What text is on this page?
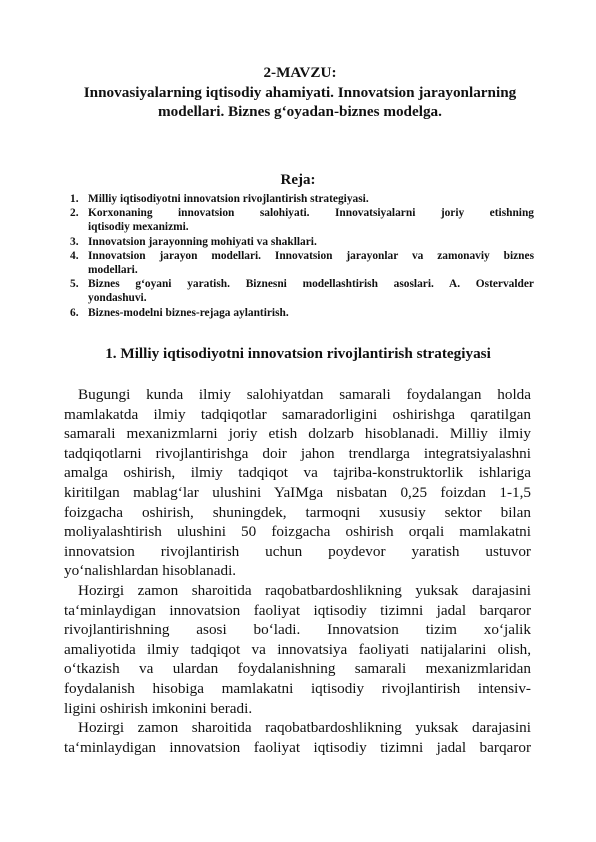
2-MAVZU:
Innovasiyalarning iqtisodiy ahamiyati. Innovatsion jarayonlarning
modellari. Biznes g‘oyadan-biznes modelga.
Reja:
1. Milliy iqtisodiyotni innovatsion rivojlantirish strategiyasi.
2. Korxonaning innovatsion salohiyati. Innovatsiyalarni joriy etishning
iqtisodiy mexanizmi.
3. Innovatsion jarayonning mohiyati va shakllari.
4. Innovatsion jarayon modellari. Innovatsion jarayonlar va zamonaviy biznes
modellari.
5. Biznes g‘oyani yaratish. Biznesni modellashtirish asoslari. A. Ostervalder
yondashuvi.
6. Biznes-modelni biznes-rejaga aylantirish.
1. Milliy iqtisodiyotni innovatsion rivojlantirish strategiyasi
Bugungi kunda ilmiy salohiyatdan samarali foydalangan holda
mamlakatda ilmiy tadqiqotlar samaradorligini oshirishga qaratilgan
samarali mexanizmlarni joriy etish dolzarb hisoblanadi. Milliy ilmiy
tadqiqotlarni rivojlantirishga doir jahon trendlarga integratsiyalashni
amalga oshirish, ilmiy tadqiqot va tajriba-konstruktorlik ishlariga
kiritilgan mablag‘lar ulushini YaIMga nisbatan 0,25 foizdan 1-1,5
foizgacha oshirish, shuningdek, tarmoqni xususiy sektor bilan
moliyalashtirish ulushini 50 foizgacha oshirish orqali mamlakatni
innovatsion rivojlantirish uchun poydevor yaratish ustuvor
yo‘nalishlardan hisoblanadi.
Hozirgi zamon sharoitida raqobatbardoshlikning yuksak darajasini
ta‘minlaydigan innovatsion faoliyat iqtisodiy tizimni jadal barqaror
rivojlantirishning asosi bo‘ladi. Innovatsion tizim xo‘jalik
amaliyotida ilmiy tadqiqot va innovatsiya faoliyati natijalarini olish,
o‘tkazish va ulardan foydalanishning samarali mexanizmlaridan
foydalanish hisobiga mamlakatni iqtisodiy rivojlantirish intensiv-
ligini oshirish imkonini beradi.
Hozirgi zamon sharoitida raqobatbardoshlikning yuksak darajasini
ta‘minlaydigan innovatsion faoliyat iqtisodiy tizimni jadal barqaror
